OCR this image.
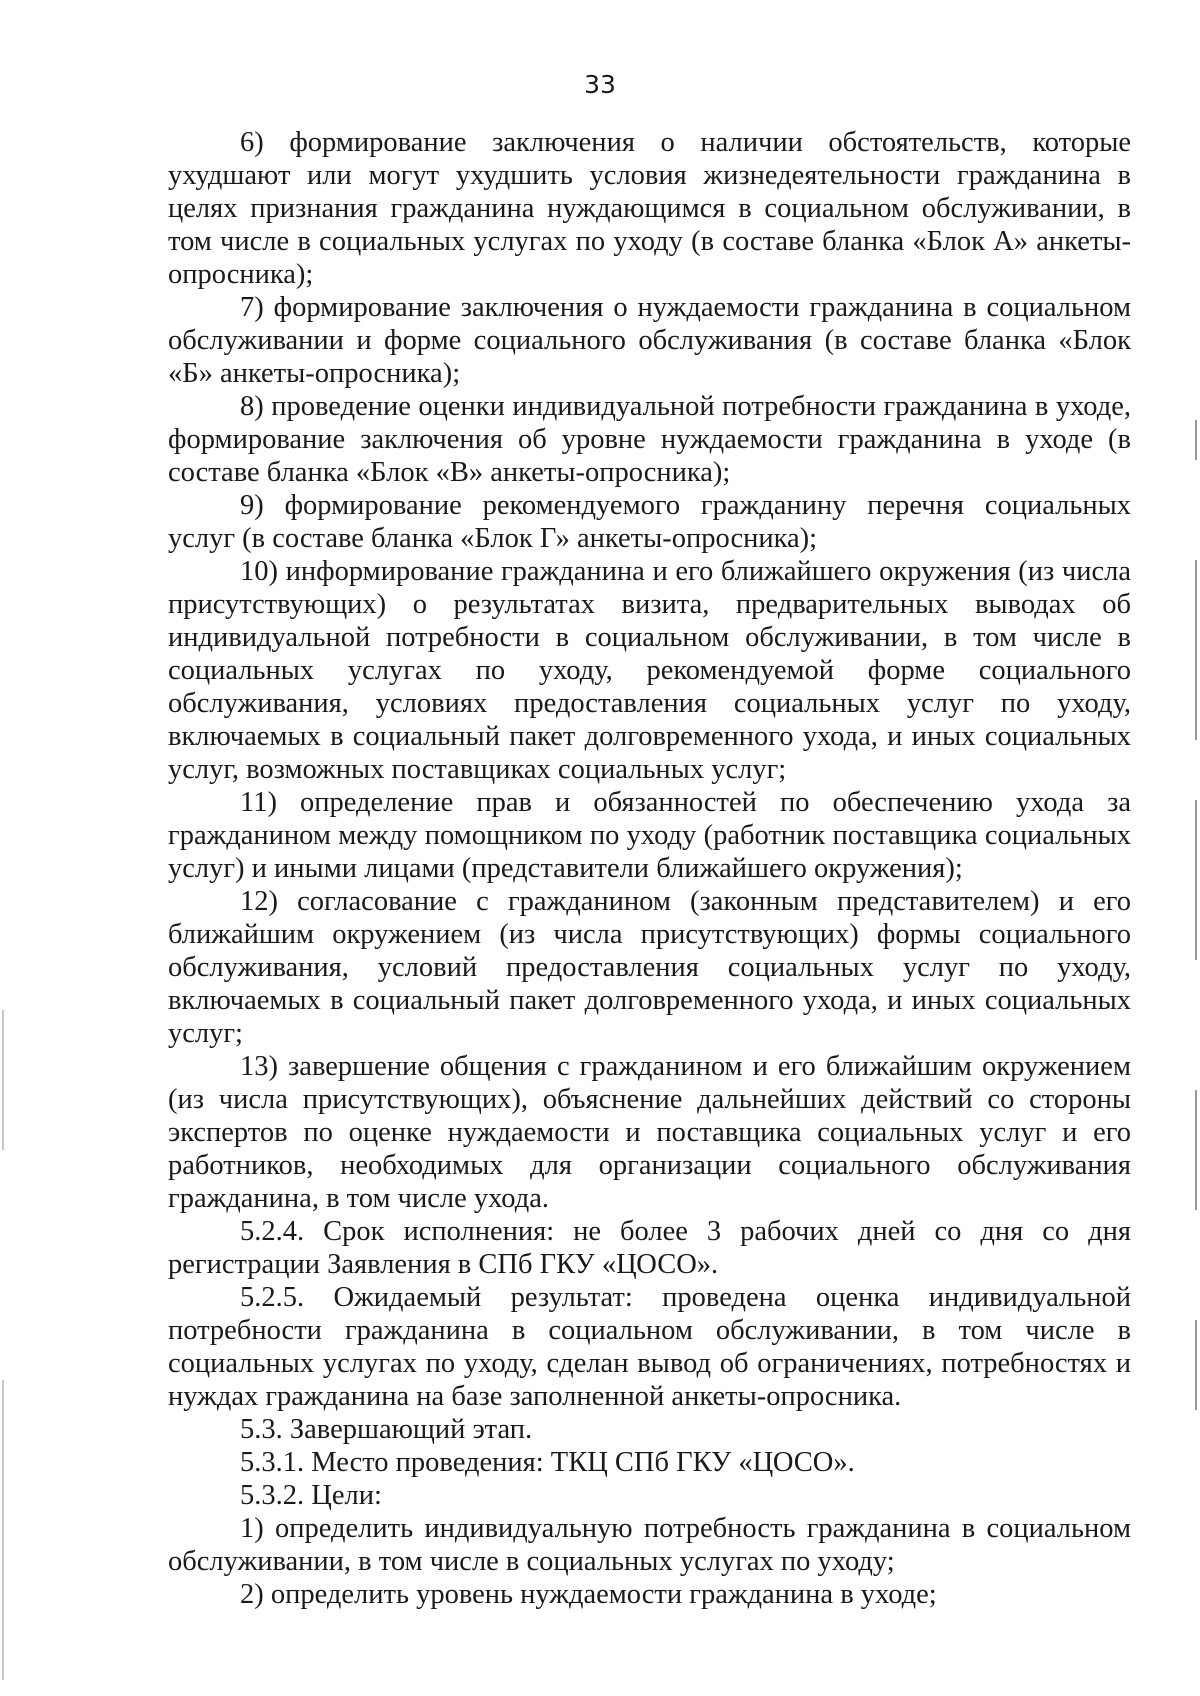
33

6) формирование заключения о наличии обстоятельств, которые ухудшают или могут ухудшить условия жизнедеятельности гражданина в целях признания гражданина нуждающимся в социальном обслуживании, в том числе в социальных услугах по уходу (в составе бланка «Блок А» анкеты-опросника);

7) формирование заключения о нуждаемости гражданина в социальном обслуживании и форме социального обслуживания (в составе бланка «Блок «Б» анкеты-опросника);

8) проведение оценки индивидуальной потребности гражданина в уходе, формирование заключения об уровне нуждаемости гражданина в уходе (в составе бланка «Блок «В» анкеты-опросника);

9) формирование рекомендуемого гражданину перечня социальных услуг (в составе бланка «Блок Г» анкеты-опросника);

10) информирование гражданина и его ближайшего окружения (из числа присутствующих) о результатах визита, предварительных выводах об индивидуальной потребности в социальном обслуживании, в том числе в социальных услугах по уходу, рекомендуемой форме социального обслуживания, условиях предоставления социальных услуг по уходу, включаемых в социальный пакет долговременного ухода, и иных социальных услуг, возможных поставщиках социальных услуг;

11) определение прав и обязанностей по обеспечению ухода за гражданином между помощником по уходу (работник поставщика социальных услуг) и иными лицами (представители ближайшего окружения);

12) согласование с гражданином (законным представителем) и его ближайшим окружением (из числа присутствующих) формы социального обслуживания, условий предоставления социальных услуг по уходу, включаемых в социальный пакет долговременного ухода, и иных социальных услуг;

13) завершение общения с гражданином и его ближайшим окружением (из числа присутствующих), объяснение дальнейших действий со стороны экспертов по оценке нуждаемости и поставщика социальных услуг и его работников, необходимых для организации социального обслуживания гражданина, в том числе ухода.

5.2.4. Срок исполнения: не более 3 рабочих дней со дня со дня регистрации Заявления в СПб ГКУ «ЦОСО».

5.2.5. Ожидаемый результат: проведена оценка индивидуальной потребности гражданина в социальном обслуживании, в том числе в социальных услугах по уходу, сделан вывод об ограничениях, потребностях и нуждах гражданина на базе заполненной анкеты-опросника.

5.3. Завершающий этап.

5.3.1. Место проведения: ТКЦ СПб ГКУ «ЦОСО».

5.3.2. Цели:

1) определить индивидуальную потребность гражданина в социальном обслуживании, в том числе в социальных услугах по уходу;

2) определить уровень нуждаемости гражданина в уходе;
